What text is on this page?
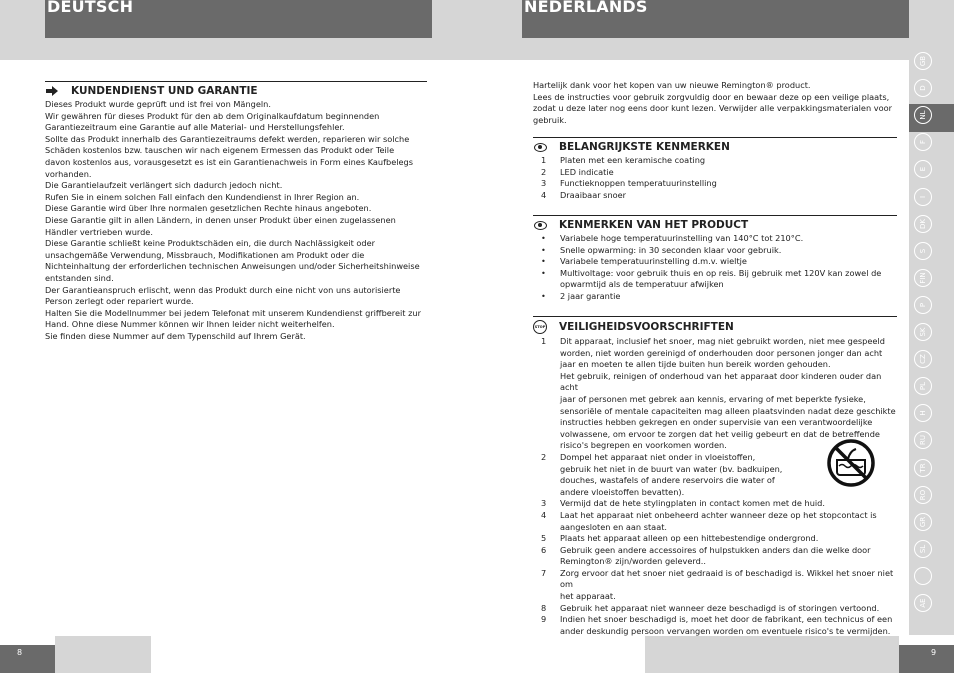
DEUTSCH	NEDERLANDS
KUNDENDIENST UND GARANTIE
Dieses Produkt wurde geprüft und ist frei von Mängeln.
Wir gewähren für dieses Produkt für den ab dem Originalkaufdatum beginnenden
Garantiezeitraum eine Garantie auf alle Material- und Herstellungsfehler.
Sollte das Produkt innerhalb des Garantiezeitraums defekt werden, reparieren wir solche
Schäden kostenlos bzw. tauschen wir nach eigenem Ermessen das Produkt oder Teile
davon kostenlos aus, vorausgesetzt es ist ein Garantienachweis in Form eines Kaufbelegs
vorhanden.
Die Garantielaufzeit verlängert sich dadurch jedoch nicht.
Rufen Sie in einem solchen Fall einfach den Kundendienst in Ihrer Region an.
Diese Garantie wird über Ihre normalen gesetzlichen Rechte hinaus angeboten.
Diese Garantie gilt in allen Ländern, in denen unser Produkt über einen zugelassenen
Händler vertrieben wurde.
Diese Garantie schließt keine Produktschäden ein, die durch Nachlässigkeit oder
unsachgemäße Verwendung, Missbrauch, Modifikationen am Produkt oder die
Nichteinhaltung der erforderlichen technischen Anweisungen und/oder Sicherheitshinweise
entstanden sind.
Der Garantieanspruch erlischt, wenn das Produkt durch eine nicht von uns autorisierte
Person zerlegt oder repariert wurde.
Halten Sie die Modellnummer bei jedem Telefonat mit unserem Kundendienst griffbereit zur
Hand. Ohne diese Nummer können wir Ihnen leider nicht weiterhelfen.
Sie finden diese Nummer auf dem Typenschild auf Ihrem Gerät.
Hartelijk dank voor het kopen van uw nieuwe Remington® product.
Lees de instructies voor gebruik zorgvuldig door en bewaar deze op een veilige plaats,
zodat u deze later nog eens door kunt lezen. Verwijder alle verpakkingsmaterialen voor
gebruik.
BELANGRIJKSTE KENMERKEN
1	Platen met een keramische coating
2	LED indicatie
3	Functieknoppen temperatuurinstelling
4	Draaibaar snoer
KENMERKEN VAN HET PRODUCT
•	Variabele hoge temperatuurinstelling van 140°C tot 210°C.
•	Snelle opwarming: in 30 seconden klaar voor gebruik.
•	Variabele temperatuurinstelling d.m.v. wieltje
•	Multivoltage: voor gebruik thuis en op reis. Bij gebruik met 120V kan zowel de
opwarmtijd als de temperatuur afwijken
•	2 jaar garantie
STOP VEILIGHEIDSVOORSCHRIFTEN
1	Dit apparaat, inclusief het snoer, mag niet gebruikt worden, niet mee gespeeld
worden, niet worden gereinigd of onderhouden door personen jonger dan acht
jaar en moeten te allen tijde buiten hun bereik worden gehouden.
Het gebruik, reinigen of onderhoud van het apparaat door kinderen ouder dan acht
jaar of personen met gebrek aan kennis, ervaring of met beperkte fysieke,
sensoriële of mentale capaciteiten mag alleen plaatsvinden nadat deze geschikte
instructies hebben gekregen en onder supervisie van een verantwoordelijke
volwassene, om ervoor te zorgen dat het veilig gebeurt en dat de betreffende
risico's begrepen en voorkomen worden.
2	Dompel het apparaat niet onder in vloeistoffen,
gebruik het niet in de buurt van water (bv. badkuipen,
douches, wastafels of andere reservoirs die water of
andere vloeistoffen bevatten).
3	Vermijd dat de hete stylingplaten in contact komen met de huid.
4	Laat het apparaat niet onbeheerd achter wanneer deze op het stopcontact is
aangesloten en aan staat.
5	Plaats het apparaat alleen op een hittebestendige ondergrond.
6	Gebruik geen andere accessoires of hulpstukken anders dan die welke door
Remington® zijn/worden geleverd..
7	Zorg ervoor dat het snoer niet gedraaid is of beschadigd is. Wikkel het snoer niet om
het apparaat.
8	Gebruik het apparaat niet wanneer deze beschadigd is of storingen vertoond.
9	Indien het snoer beschadigd is, moet het door de fabrikant, een technicus of een
ander deskundig persoon vervangen worden om eventuele risico's te vermijden.
GB
D
NL
F
E
I
DK
S
FIN
P
SK
CZ
PL
H
RU
TR
RO
GR
SL
AE
8	9
